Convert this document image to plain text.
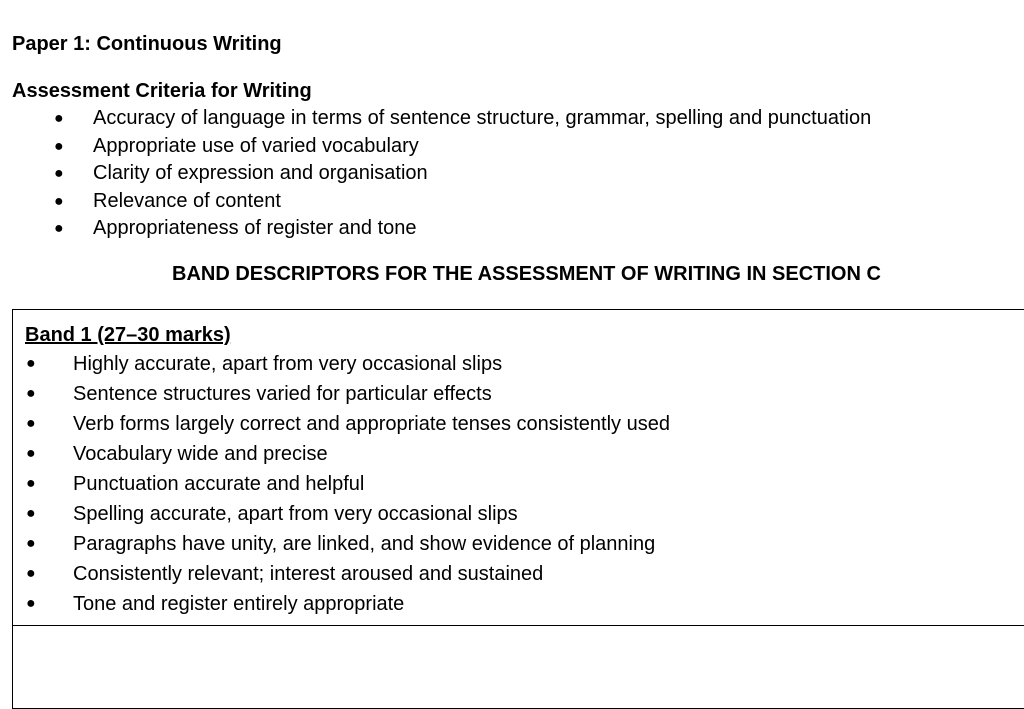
Paper 1: Continuous Writing
Assessment Criteria for Writing
● Accuracy of language in terms of sentence structure, grammar, spelling and punctuation
● Appropriate use of varied vocabulary
● Clarity of expression and organisation
● Relevance of content
● Appropriateness of register and tone
BAND DESCRIPTORS FOR THE ASSESSMENT OF WRITING IN SECTION C
Band 1 (27–30 marks)
● Highly accurate, apart from very occasional slips
● Sentence structures varied for particular effects
● Verb forms largely correct and appropriate tenses consistently used
● Vocabulary wide and precise
● Punctuation accurate and helpful
● Spelling accurate, apart from very occasional slips
● Paragraphs have unity, are linked, and show evidence of planning
● Consistently relevant; interest aroused and sustained
● Tone and register entirely appropriate
